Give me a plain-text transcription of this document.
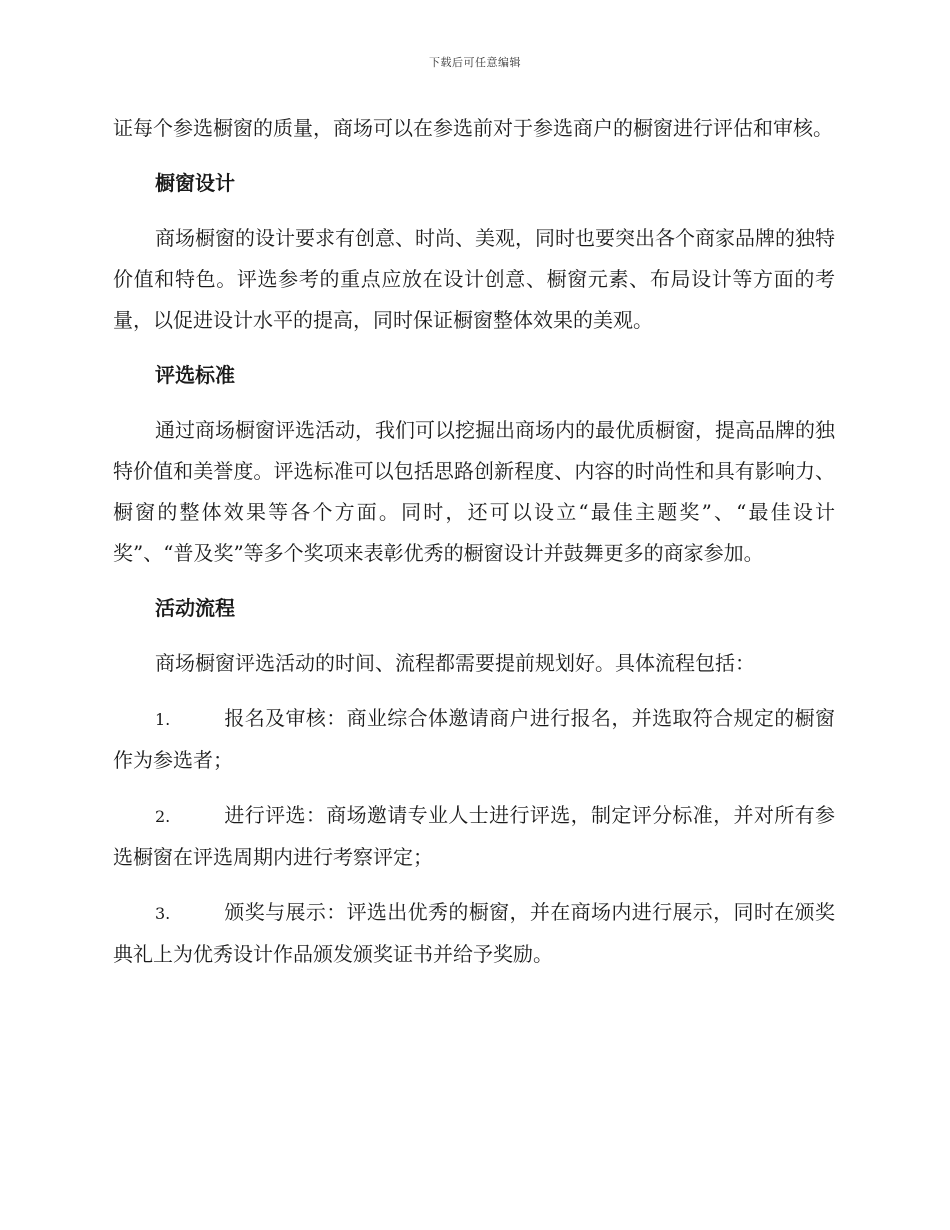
下载后可任意编辑

证每个参选橱窗的质量，商场可以在参选前对于参选商户的橱窗进行评估和审核。

橱窗设计

商场橱窗的设计要求有创意、时尚、美观，同时也要突出各个商家品牌的独特价值和特色。评选参考的重点应放在设计创意、橱窗元素、布局设计等方面的考量，以促进设计水平的提高，同时保证橱窗整体效果的美观。

评选标准

通过商场橱窗评选活动，我们可以挖掘出商场内的最优质橱窗，提高品牌的独特价值和美誉度。评选标准可以包括思路创新程度、内容的时尚性和具有影响力、橱窗的整体效果等各个方面。同时，还可以设立“最佳主题奖”、“最佳设计奖”、“普及奖”等多个奖项来表彰优秀的橱窗设计并鼓舞更多的商家参加。

活动流程

商场橱窗评选活动的时间、流程都需要提前规划好。具体流程包括：

1.	报名及审核：商业综合体邀请商户进行报名，并选取符合规定的橱窗作为参选者；
2.	进行评选：商场邀请专业人士进行评选，制定评分标准，并对所有参选橱窗在评选周期内进行考察评定；
3.	颁奖与展示：评选出优秀的橱窗，并在商场内进行展示，同时在颁奖典礼上为优秀设计作品颁发颁奖证书并给予奖励。
